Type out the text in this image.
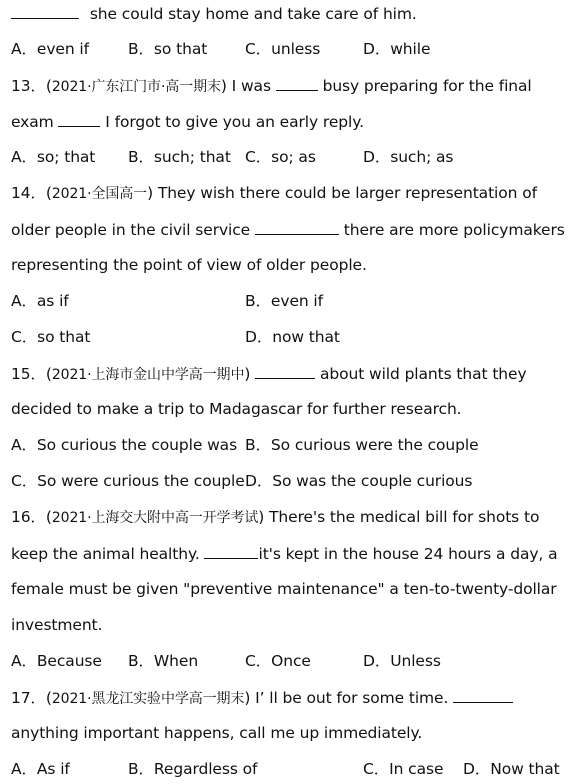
she could stay home and take care of him.
A．even if	B．so that C．unless	D．while
13．(2021·广东江门市·高一期末) I was	busy preparing for the final
exam	I forgot to give you an early reply.
A．so; that B．such; that C．so; as	D．such; as
14．(2021·全国高一) They wish there could be larger representation of
older people in the civil service	there are more policymakers
representing the point of view of older people.
A．as if	B．even if
C．so that	D．now that
15．(2021·上海市金山中学高一期中)	about wild plants that they
decided to make a trip to Madagascar for further research.
A．So curious the couple was B．So curious were the couple
C．So were curious the couple D．So was the couple curious
16．(2021·上海交大附中高一开学考试) There's the medical bill for shots to
keep the animal healthy.	it's kept in the house 24 hours a day, a
female must be given "preventive maintenance" a ten-to-twenty-dollar
investment.
A．Because B．When	C．Once	D．Unless
17．(2021·黑龙江实验中学高一期末) I’ ll be out for some time.
anything important happens, call me up immediately.
A．As if	B．Regardless of	C．In case D．Now that
